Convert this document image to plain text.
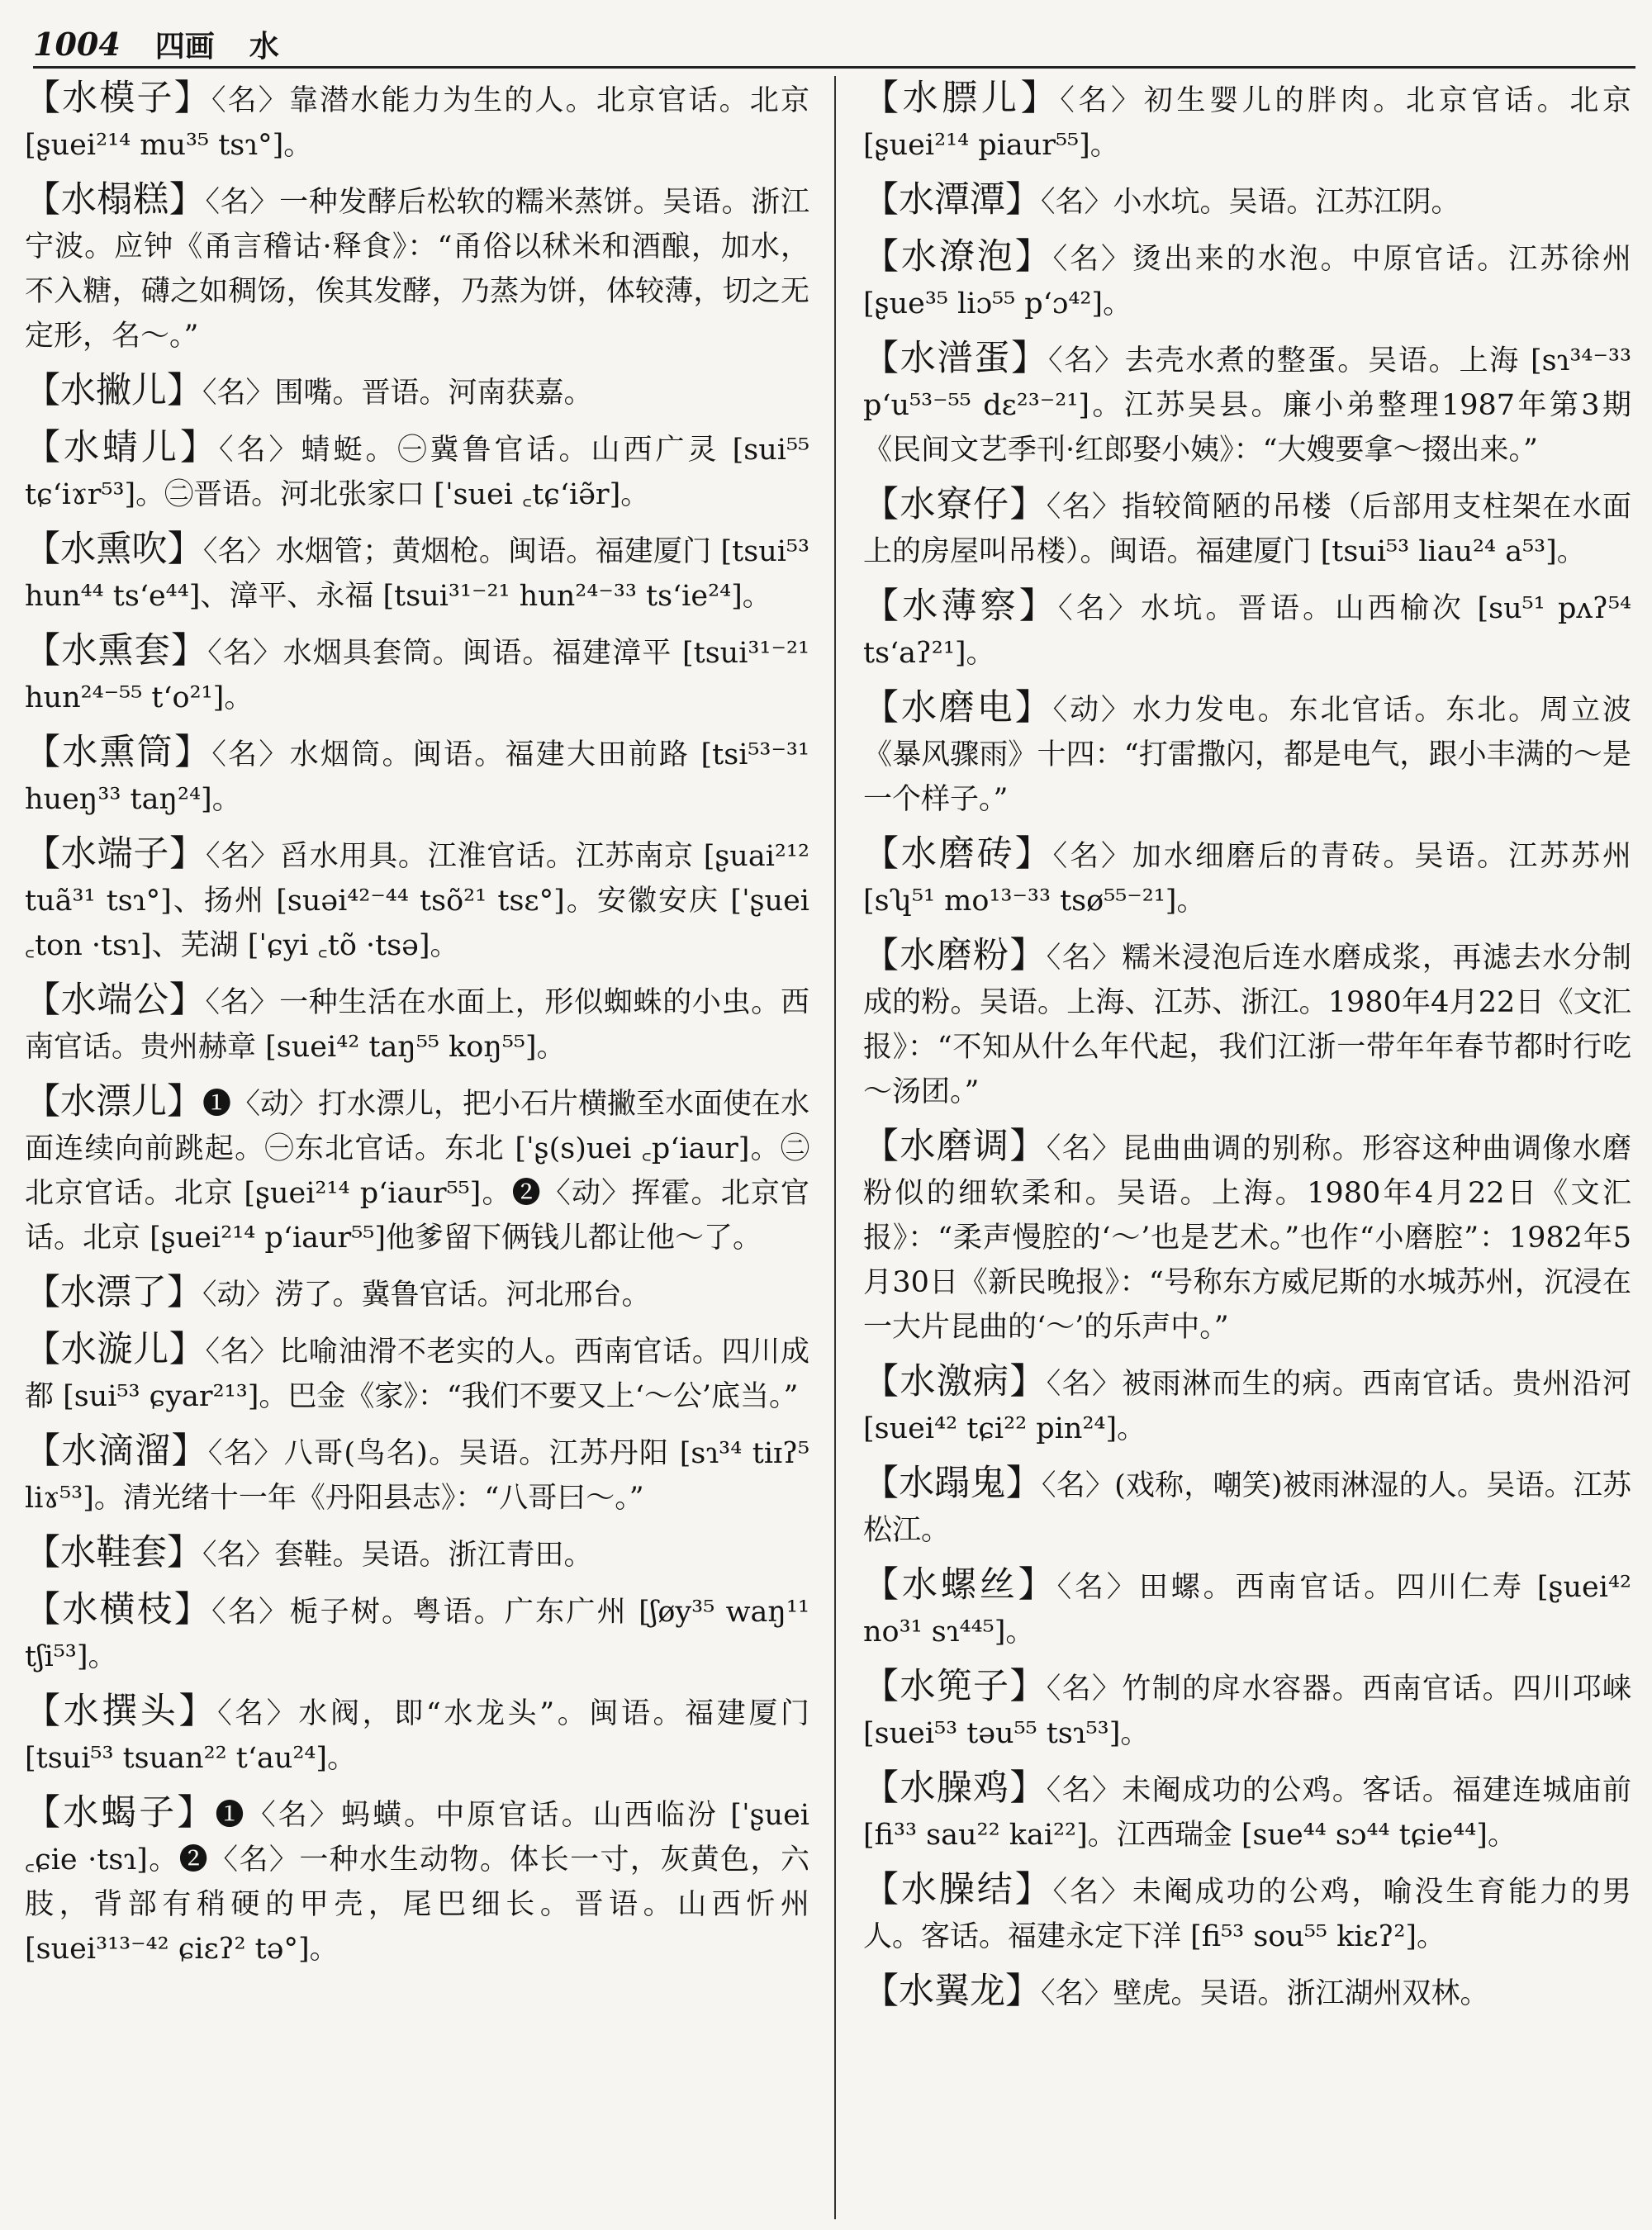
1004 四画 水

【水模子】〈名〉靠潜水能力为生的人。北京官话。北京 [ʂuei²¹⁴ mu³⁵ tsɿ°]。

【水榻糕】〈名〉一种发酵后松软的糯米蒸饼。吴语。浙江宁波。应钟《甬言稽诂·释食》：“甬俗以秫米和酒酿，加水，不入糖，礴之如稠饧，俟其发酵，乃蒸为饼，体较薄，切之无定形，名～。”

【水撇儿】〈名〉围嘴。晋语。河南获嘉。

【水蜻儿】〈名〉蜻蜓。㊀冀鲁官话。山西广灵 [sui⁵⁵ tɕʻiɤr⁵³]。㊁晋语。河北张家口 [ˈsuei ꜀tɕʻiə̃r]。

【水熏吹】〈名〉水烟管；黄烟枪。闽语。福建厦门 [tsui⁵³ hun⁴⁴ tsʻe⁴⁴]、漳平、永福 [tsui³¹⁻²¹ hun²⁴⁻³³ tsʻie²⁴]。

【水熏套】〈名〉水烟具套筒。闽语。福建漳平 [tsui³¹⁻²¹ hun²⁴⁻⁵⁵ tʻo²¹]。

【水熏筒】〈名〉水烟筒。闽语。福建大田前路 [tsi⁵³⁻³¹ hueŋ³³ taŋ²⁴]。

【水端子】〈名〉舀水用具。江淮官话。江苏南京 [ʂuai²¹² tuã³¹ tsɿ°]、扬州 [suəi⁴²⁻⁴⁴ tsõ²¹ tsɛ°]。安徽安庆 [ˈʂuei ꜀ton ·tsɿ]、芜湖 [ˈɕyi ꜀tõ ·tsə]。

【水端公】〈名〉一种生活在水面上，形似蜘蛛的小虫。西南官话。贵州赫章 [suei⁴² taŋ⁵⁵ koŋ⁵⁵]。

【水漂儿】❶〈动〉打水漂儿，把小石片横撇至水面使在水面连续向前跳起。㊀东北官话。东北 [ˈʂ(s)uei ꜀pʻiaur]。㊁北京官话。北京 [ʂuei²¹⁴ pʻiaur⁵⁵]。❷〈动〉挥霍。北京官话。北京 [ʂuei²¹⁴ pʻiaur⁵⁵]他爹留下俩钱儿都让他～了。

【水漂了】〈动〉涝了。冀鲁官话。河北邢台。

【水漩儿】〈名〉比喻油滑不老实的人。西南官话。四川成都 [sui⁵³ ɕyar²¹³]。巴金《家》：“我们不要又上‘～公’底当。”

【水滴溜】〈名〉八哥(鸟名)。吴语。江苏丹阳 [sɿ³⁴ tiɪʔ⁵ liɤ⁵³]。清光绪十一年《丹阳县志》：“八哥曰～。”

【水鞋套】〈名〉套鞋。吴语。浙江青田。

【水横枝】〈名〉栀子树。粤语。广东广州 [ʃøy³⁵ waŋ¹¹ tʃi⁵³]。

【水撰头】〈名〉水阀，即“水龙头”。闽语。福建厦门 [tsui⁵³ tsuan²² tʻau²⁴]。

【水蝎子】❶〈名〉蚂蟥。中原官话。山西临汾 [ˈʂuei ꜀ɕie ·tsɿ]。❷〈名〉一种水生动物。体长一寸，灰黄色，六肢，背部有稍硬的甲壳，尾巴细长。晋语。山西忻州 [suei³¹³⁻⁴² ɕiɛʔ² tə°]。

【水膘儿】〈名〉初生婴儿的胖肉。北京官话。北京 [ʂuei²¹⁴ piaur⁵⁵]。

【水潭潭】〈名〉小水坑。吴语。江苏江阴。

【水潦泡】〈名〉烫出来的水泡。中原官话。江苏徐州 [ʂue³⁵ liɔ⁵⁵ pʻɔ⁴²]。

【水潽蛋】〈名〉去壳水煮的整蛋。吴语。上海 [sɿ³⁴⁻³³ pʻu⁵³⁻⁵⁵ dɛ²³⁻²¹]。江苏吴县。廉小弟整理1987年第3期《民间文艺季刊·红郎娶小姨》：“大嫂要拿～掇出来。”

【水寮仔】〈名〉指较简陋的吊楼（后部用支柱架在水面上的房屋叫吊楼）。闽语。福建厦门 [tsui⁵³ liau²⁴ a⁵³]。

【水薄察】〈名〉水坑。晋语。山西榆次 [su⁵¹ pʌʔ⁵⁴ tsʻaʔ²¹]。

【水磨电】〈动〉水力发电。东北官话。东北。周立波《暴风骤雨》十四：“打雷撒闪，都是电气，跟小丰满的～是一个样子。”

【水磨砖】〈名〉加水细磨后的青砖。吴语。江苏苏州 [sʮ⁵¹ mo¹³⁻³³ tsø⁵⁵⁻²¹]。

【水磨粉】〈名〉糯米浸泡后连水磨成浆，再滤去水分制成的粉。吴语。上海、江苏、浙江。1980年4月22日《文汇报》：“不知从什么年代起，我们江浙一带年年春节都时行吃～汤团。”

【水磨调】〈名〉昆曲曲调的别称。形容这种曲调像水磨粉似的细软柔和。吴语。上海。1980年4月22日《文汇报》：“柔声慢腔的‘～’也是艺术。”也作“小磨腔”：1982年5月30日《新民晚报》：“号称东方威尼斯的水城苏州，沉浸在一大片昆曲的‘～’的乐声中。”

【水激病】〈名〉被雨淋而生的病。西南官话。贵州沿河 [suei⁴² tɕi²² pin²⁴]。

【水蹋鬼】〈名〉(戏称，嘲笑)被雨淋湿的人。吴语。江苏松江。

【水螺丝】〈名〉田螺。西南官话。四川仁寿 [ʂuei⁴² no³¹ sɿ⁴⁴⁵]。

【水篼子】〈名〉竹制的戽水容器。西南官话。四川邛崃 [suei⁵³ təu⁵⁵ tsɿ⁵³]。

【水臊鸡】〈名〉未阉成功的公鸡。客话。福建连城庙前 [fi³³ sau²² kai²²]。江西瑞金 [sue⁴⁴ sɔ⁴⁴ tɕie⁴⁴]。

【水臊结】〈名〉未阉成功的公鸡，喻没生育能力的男人。客话。福建永定下洋 [fi⁵³ sou⁵⁵ kiɛʔ²]。

【水翼龙】〈名〉壁虎。吴语。浙江湖州双林。
